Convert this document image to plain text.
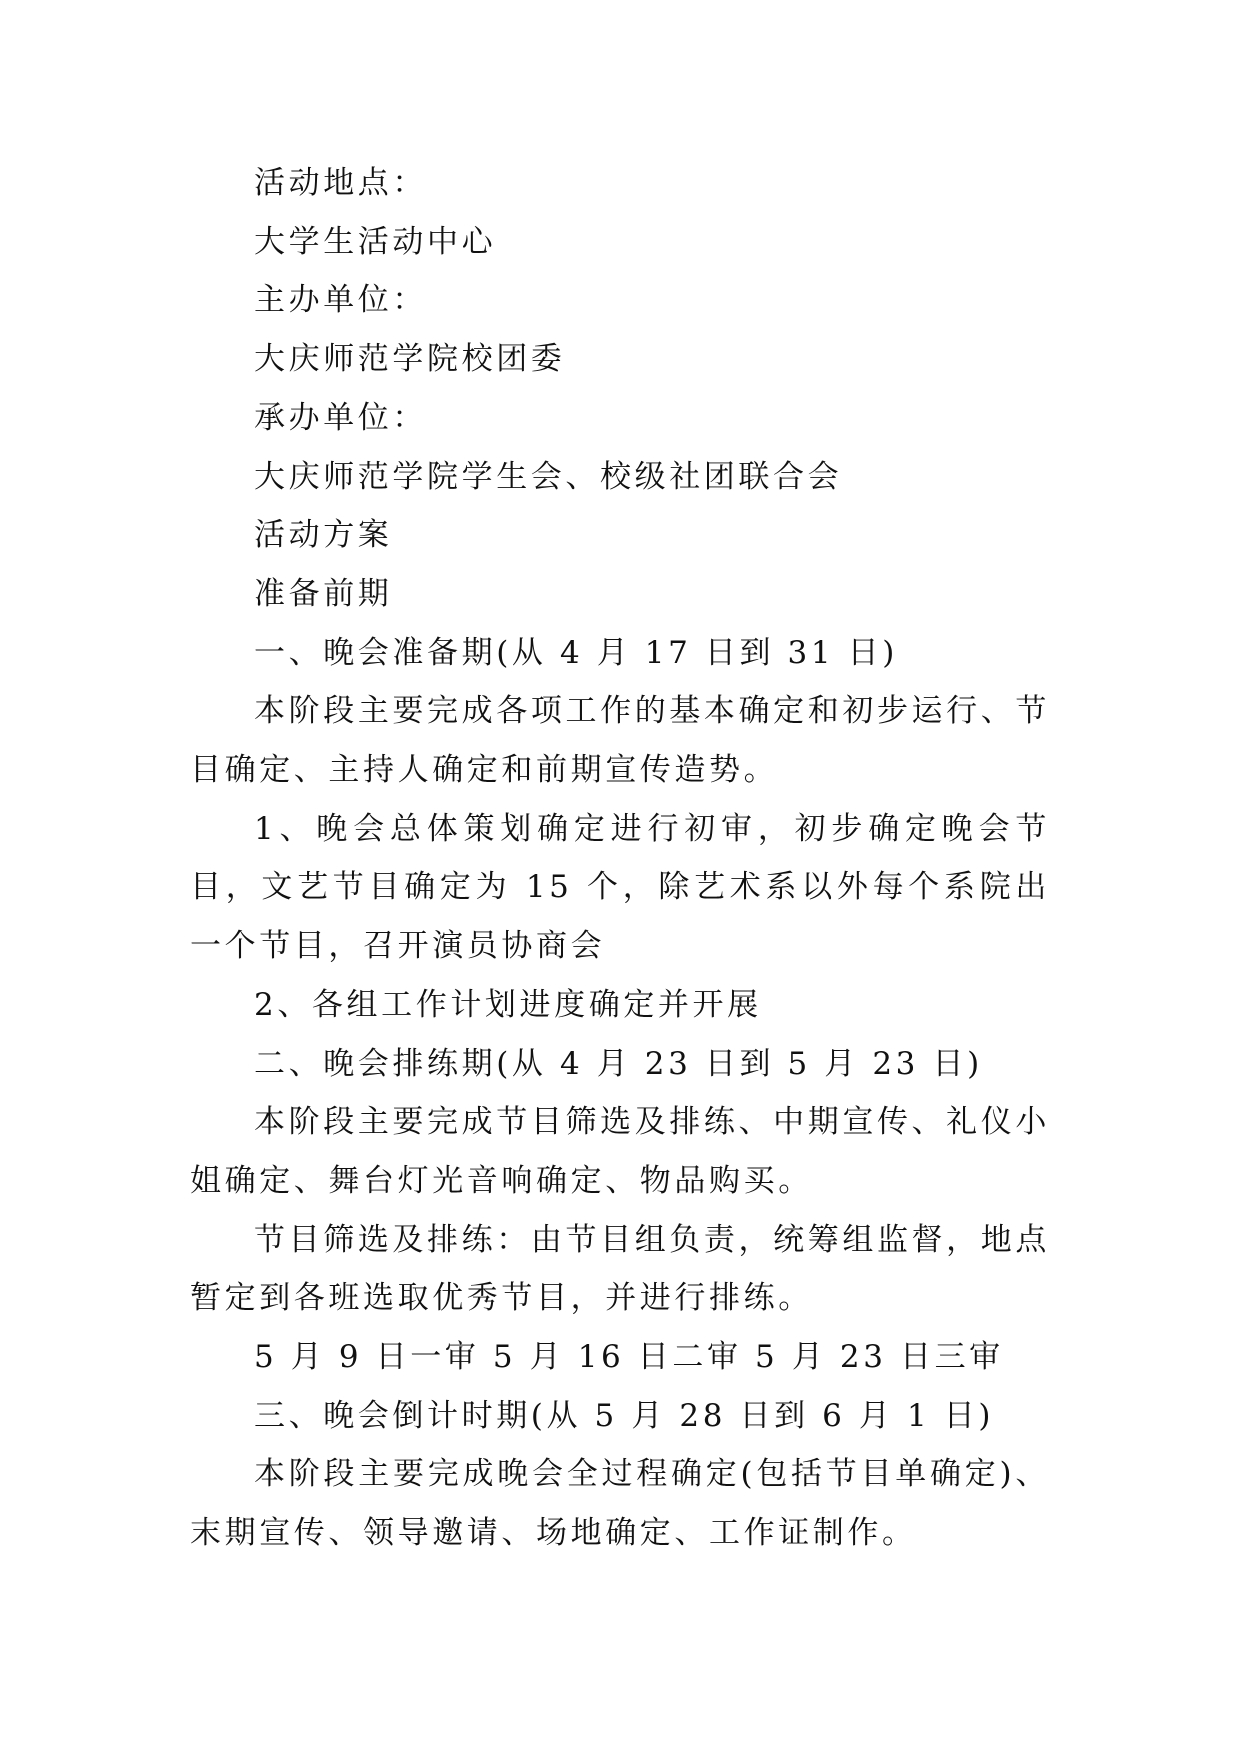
活动地点：

大学生活动中心

主办单位：

大庆师范学院校团委

承办单位：

大庆师范学院学生会、校级社团联合会

活动方案

准备前期

一、晚会准备期(从 4 月 17 日到 31 日)

本阶段主要完成各项工作的基本确定和初步运行、节目确定、主持人确定和前期宣传造势。

1、晚会总体策划确定进行初审，初步确定晚会节目，文艺节目确定为 15 个，除艺术系以外每个系院出一个节目，召开演员协商会

2、各组工作计划进度确定并开展

二、晚会排练期(从 4 月 23 日到 5 月 23 日)

本阶段主要完成节目筛选及排练、中期宣传、礼仪小姐确定、舞台灯光音响确定、物品购买。

节目筛选及排练：由节目组负责，统筹组监督，地点暂定到各班选取优秀节目，并进行排练。

5 月 9 日一审 5 月 16 日二审 5 月 23 日三审

三、晚会倒计时期(从 5 月 28 日到 6 月 1 日)

本阶段主要完成晚会全过程确定(包括节目单确定)、末期宣传、领导邀请、场地确定、工作证制作。
